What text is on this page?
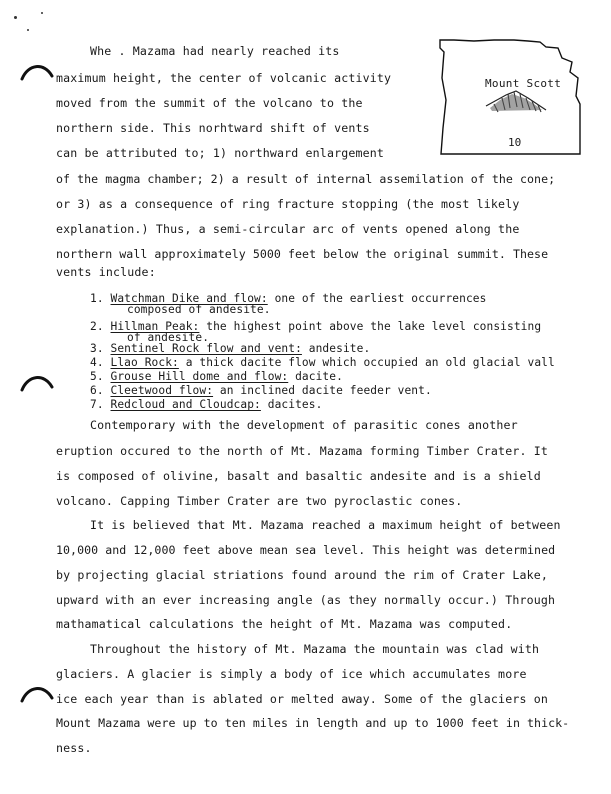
Whe . Mazama had nearly reached its
maximum height, the center of volcanic activity
moved from the summit of the volcano to the
northern side. This norhtward shift of vents
can be attributed to; 1) northward enlargement
of the magma chamber; 2) a result of internal assemilation of the cone;
or 3) as a consequence of ring fracture stopping (the most likely
explanation.) Thus, a semi-circular arc of vents opened along the
northern wall approximately 5000 feet below the original summit. These
vents include:
Mount Scott
10
1. Watchman Dike and flow: one of the earliest occurrences
composed of andesite.
2. Hillman Peak: the highest point above the lake level consisting
of andesite.
3. Sentinel Rock flow and vent: andesite.
4. Llao Rock: a thick dacite flow which occupied an old glacial vall
5. Grouse Hill dome and flow: dacite.
6. Cleetwood flow: an inclined dacite feeder vent.
7. Redcloud and Cloudcap: dacites.
Contemporary with the development of parasitic cones another
eruption occured to the north of Mt. Mazama forming Timber Crater. It
is composed of olivine, basalt and basaltic andesite and is a shield
volcano. Capping Timber Crater are two pyroclastic cones.
It is believed that Mt. Mazama reached a maximum height of between
10,000 and 12,000 feet above mean sea level. This height was determined
by projecting glacial striations found around the rim of Crater Lake,
upward with an ever increasing angle (as they normally occur.) Through
mathamatical calculations the height of Mt. Mazama was computed.
Throughout the history of Mt. Mazama the mountain was clad with
glaciers. A glacier is simply a body of ice which accumulates more
ice each year than is ablated or melted away. Some of the glaciers on
Mount Mazama were up to ten miles in length and up to 1000 feet in thick-
ness.
